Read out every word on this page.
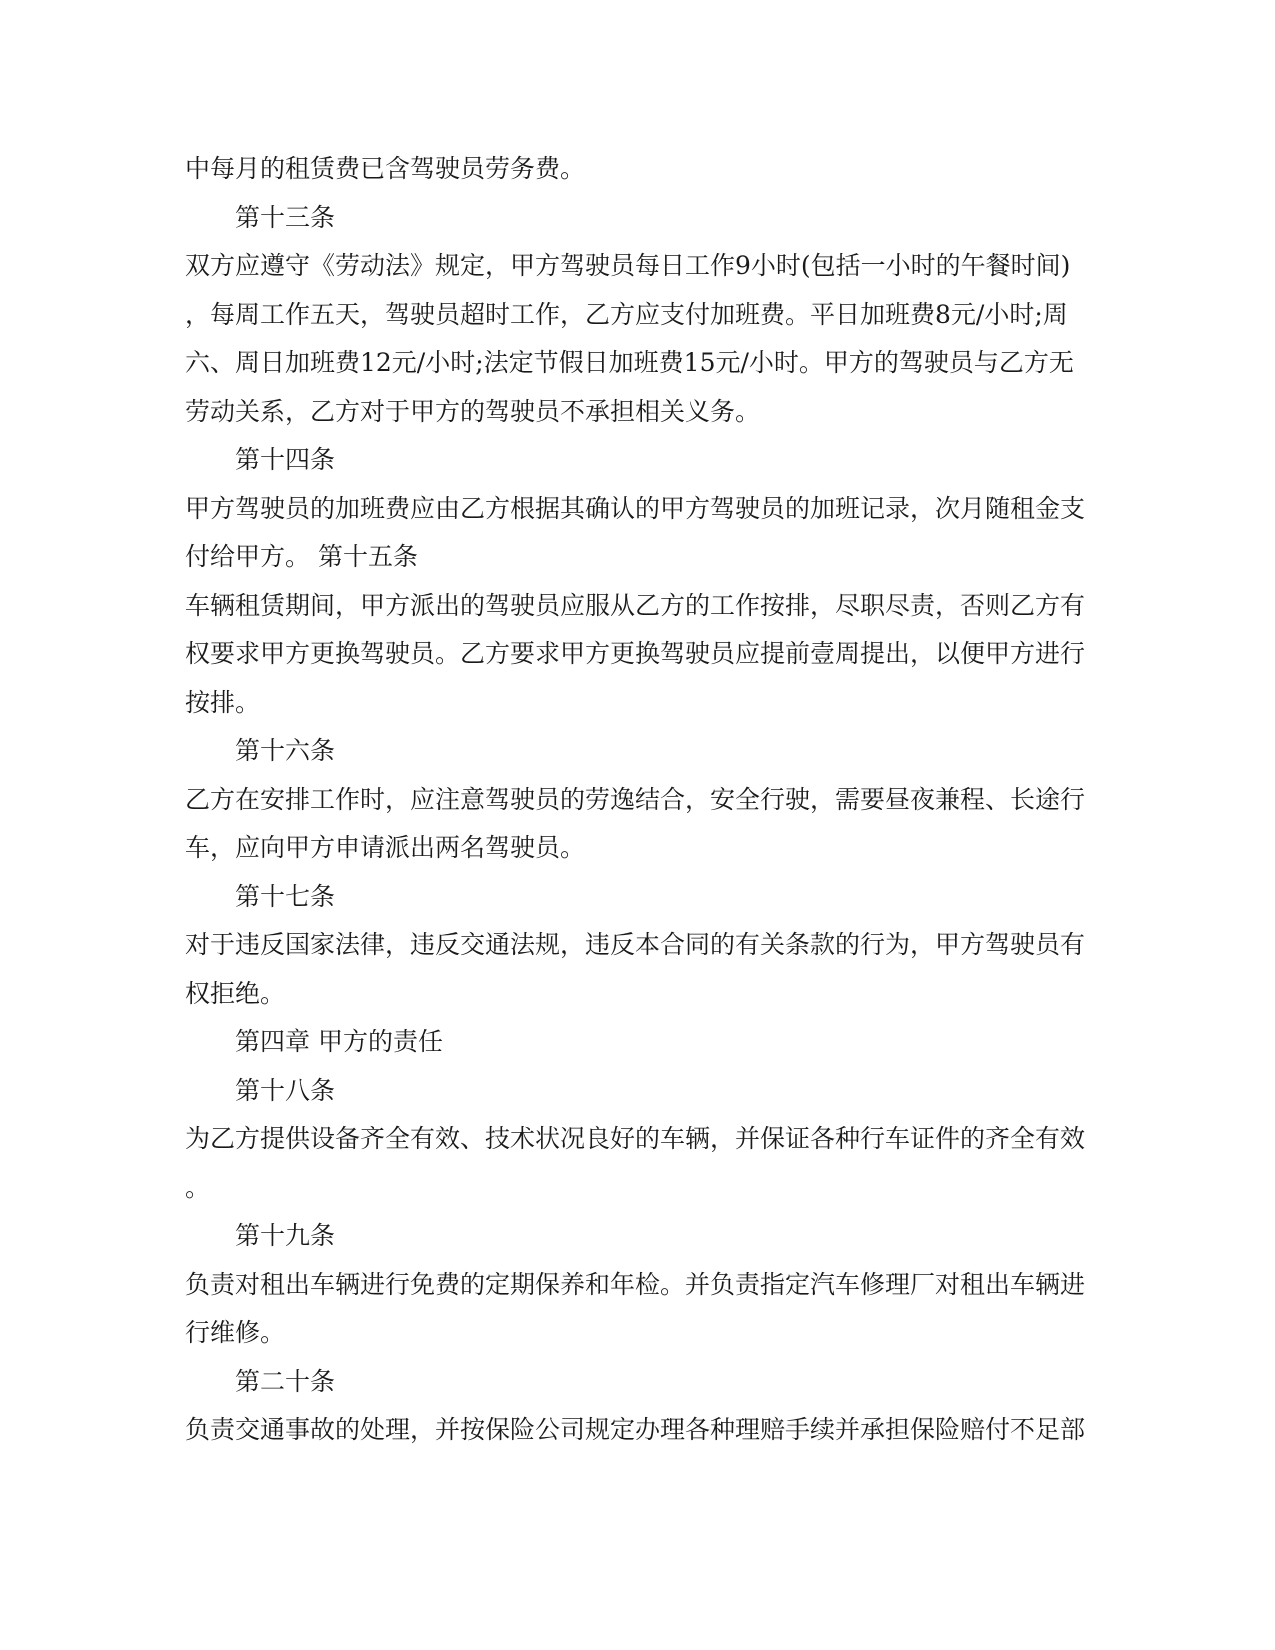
中每月的租赁费已含驾驶员劳务费。
第十三条
双方应遵守《劳动法》规定，甲方驾驶员每日工作9小时(包括一小时的午餐时间)
，每周工作五天，驾驶员超时工作，乙方应支付加班费。平日加班费8元/小时;周
六、周日加班费12元/小时;法定节假日加班费15元/小时。甲方的驾驶员与乙方无
劳动关系，乙方对于甲方的驾驶员不承担相关义务。
第十四条
甲方驾驶员的加班费应由乙方根据其确认的甲方驾驶员的加班记录，次月随租金支
付给甲方。 第十五条
车辆租赁期间，甲方派出的驾驶员应服从乙方的工作按排，尽职尽责，否则乙方有
权要求甲方更换驾驶员。乙方要求甲方更换驾驶员应提前壹周提出，以便甲方进行
按排。
第十六条
乙方在安排工作时，应注意驾驶员的劳逸结合，安全行驶，需要昼夜兼程、长途行
车，应向甲方申请派出两名驾驶员。
第十七条
对于违反国家法律，违反交通法规，违反本合同的有关条款的行为，甲方驾驶员有
权拒绝。
第四章 甲方的责任
第十八条
为乙方提供设备齐全有效、技术状况良好的车辆，并保证各种行车证件的齐全有效
。
第十九条
负责对租出车辆进行免费的定期保养和年检。并负责指定汽车修理厂对租出车辆进
行维修。
第二十条
负责交通事故的处理，并按保险公司规定办理各种理赔手续并承担保险赔付不足部
